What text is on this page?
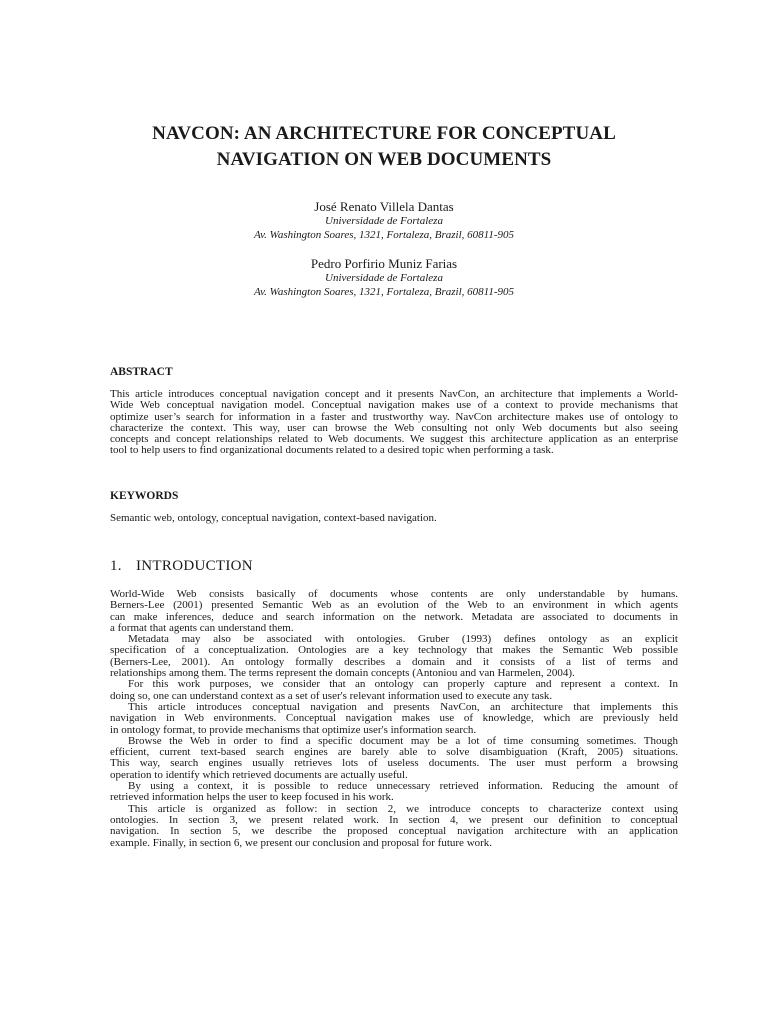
NAVCON: AN ARCHITECTURE FOR CONCEPTUAL
NAVIGATION ON WEB DOCUMENTS
José Renato Villela Dantas
Universidade de Fortaleza
Av. Washington Soares, 1321, Fortaleza, Brazil, 60811-905
Pedro Porfirio Muniz Farias
Universidade de Fortaleza
Av. Washington Soares, 1321, Fortaleza, Brazil, 60811-905
ABSTRACT
This article introduces conceptual navigation concept and it presents NavCon, an architecture that implements a World-
Wide Web conceptual navigation model. Conceptual navigation makes use of a context to provide mechanisms that
optimize user’s search for information in a faster and trustworthy way. NavCon architecture makes use of ontology to
characterize the context. This way, user can browse the Web consulting not only Web documents but also seeing
concepts and concept relationships related to Web documents. We suggest this architecture application as an enterprise
tool to help users to find organizational documents related to a desired topic when performing a task.
KEYWORDS
Semantic web, ontology, conceptual navigation, context-based navigation.
1. INTRODUCTION

World-Wide Web consists basically of documents whose contents are only understandable by humans.
Berners-Lee (2001) presented Semantic Web as an evolution of the Web to an environment in which agents
can make inferences, deduce and search information on the network. Metadata are associated to documents in
a format that agents can understand them.

Metadata may also be associated with ontologies. Gruber (1993) defines ontology as an explicit
specification of a conceptualization. Ontologies are a key technology that makes the Semantic Web possible
(Berners-Lee, 2001). An ontology formally describes a domain and it consists of a list of terms and
relationships among them. The terms represent the domain concepts (Antoniou and van Harmelen, 2004).

For this work purposes, we consider that an ontology can properly capture and represent a context. In
doing so, one can understand context as a set of user's relevant information used to execute any task.

This article introduces conceptual navigation and presents NavCon, an architecture that implements this
navigation in Web environments. Conceptual navigation makes use of knowledge, which are previously held
in ontology format, to provide mechanisms that optimize user's information search.

Browse the Web in order to find a specific document may be a lot of time consuming sometimes. Though
efficient, current text-based search engines are barely able to solve disambiguation (Kraft, 2005) situations.
This way, search engines usually retrieves lots of useless documents. The user must perform a browsing
operation to identify which retrieved documents are actually useful.

By using a context, it is possible to reduce unnecessary retrieved information. Reducing the amount of
retrieved information helps the user to keep focused in his work.

This article is organized as follow: in section 2, we introduce concepts to characterize context using
ontologies. In section 3, we present related work. In section 4, we present our definition to conceptual
navigation. In section 5, we describe the proposed conceptual navigation architecture with an application
example. Finally, in section 6, we present our conclusion and proposal for future work.
